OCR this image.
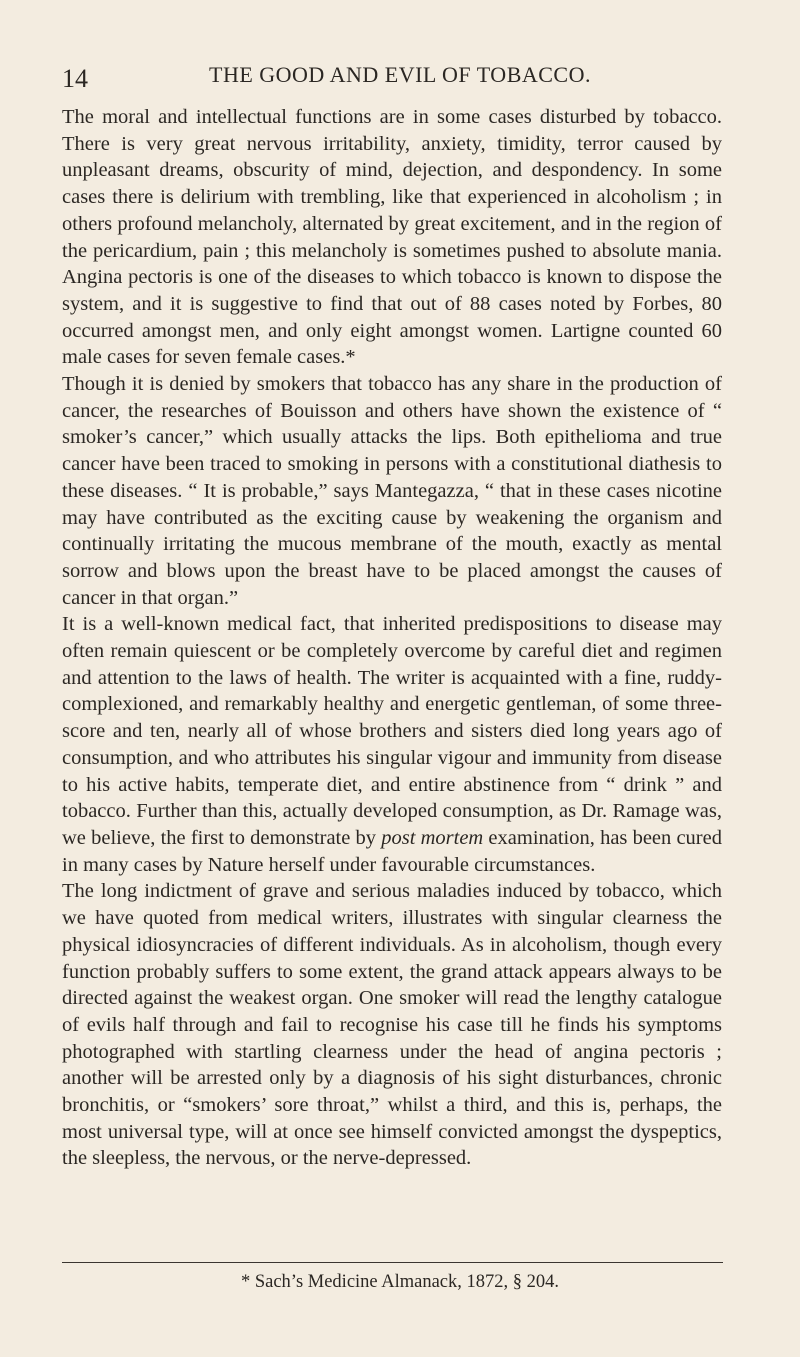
14	THE GOOD AND EVIL OF TOBACCO.

The moral and intellectual functions are in some cases disturbed by tobacco. There is very great nervous irritability, anxiety, timidity, terror caused by unpleasant dreams, obscurity of mind, dejection, and despondency. In some cases there is delirium with trembling, like that experienced in alcoholism ; in others profound melancholy, alternated by great excitement, and in the region of the pericardium, pain ; this melancholy is sometimes pushed to absolute mania. Angina pectoris is one of the diseases to which tobacco is known to dispose the system, and it is suggestive to find that out of 88 cases noted by Forbes, 80 occurred amongst men, and only eight amongst women. Lartigne counted 60 male cases for seven female cases.*

Though it is denied by smokers that tobacco has any share in the production of cancer, the researches of Bouisson and others have shown the existence of “ smoker’s cancer,” which usually attacks the lips. Both epithelioma and true cancer have been traced to smoking in persons with a constitutional diathesis to these diseases. “ It is probable,” says Mantegazza, “ that in these cases nicotine may have contributed as the exciting cause by weakening the organism and continually irritating the mucous membrane of the mouth, exactly as mental sorrow and blows upon the breast have to be placed amongst the causes of cancer in that organ.”

It is a well-known medical fact, that inherited predispositions to disease may often remain quiescent or be completely overcome by careful diet and regimen and attention to the laws of health. The writer is acquainted with a fine, ruddy-complexioned, and remarkably healthy and energetic gentleman, of some three-score and ten, nearly all of whose brothers and sisters died long years ago of consumption, and who attributes his singular vigour and immunity from disease to his active habits, temperate diet, and entire abstinence from “ drink ” and tobacco. Further than this, actually developed consumption, as Dr. Ramage was, we believe, the first to demonstrate by post mortem examination, has been cured in many cases by Nature herself under favourable circumstances.

The long indictment of grave and serious maladies induced by tobacco, which we have quoted from medical writers, illustrates with singular clearness the physical idiosyncracies of different individuals. As in alcoholism, though every function probably suffers to some extent, the grand attack appears always to be directed against the weakest organ. One smoker will read the lengthy catalogue of evils half through and fail to recognise his case till he finds his symptoms photographed with startling clearness under the head of angina pectoris ; another will be arrested only by a diagnosis of his sight disturbances, chronic bronchitis, or “smokers’ sore throat,” whilst a third, and this is, perhaps, the most universal type, will at once see himself convicted amongst the dyspeptics, the sleepless, the nervous, or the nerve-depressed.

* Sach’s Medicine Almanack, 1872, § 204.
